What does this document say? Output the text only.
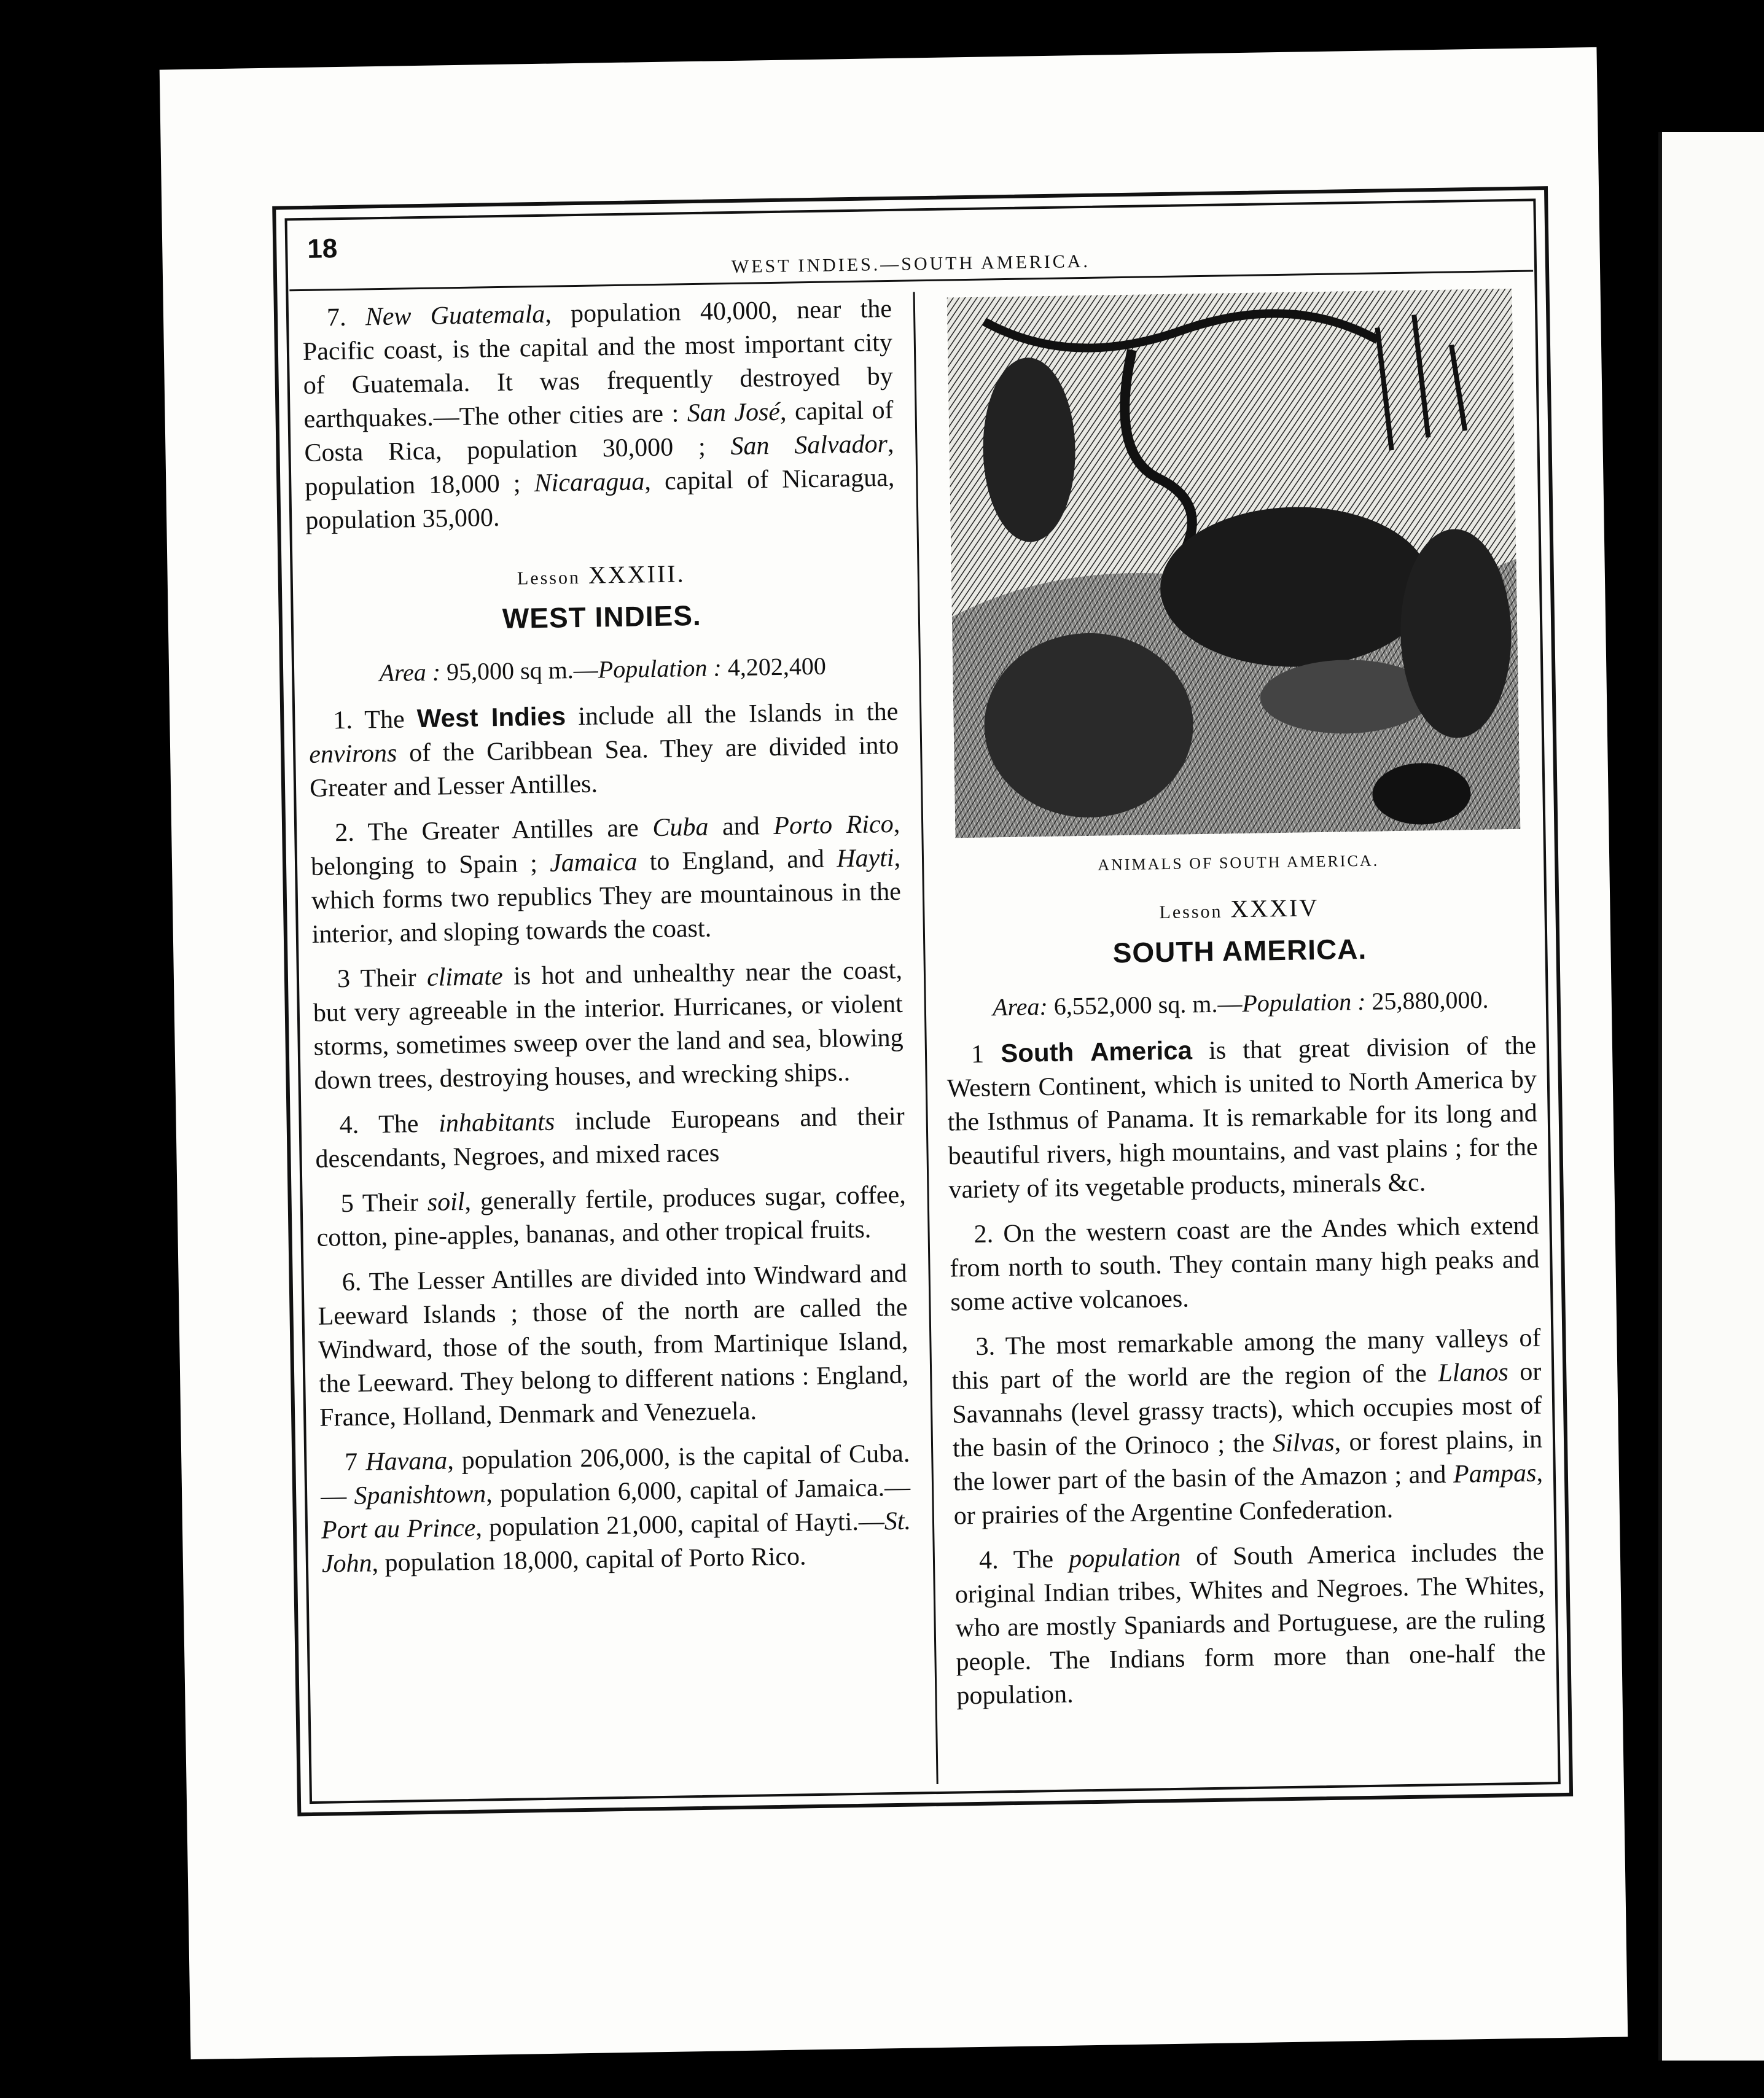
18
WEST INDIES.—SOUTH AMERICA.

7. New Guatemala, population 40,000, near the Pacific coast, is the capital and the most important city of Guatemala. It was frequently destroyed by earthquakes.—The other cities are : San José, capital of Costa Rica, population 30,000 ; San Salvador, population 18,000 ; Nicaragua, capital of Nicaragua, population 35,000.

Lesson XXXIII.
WEST INDIES.
Area : 95,000 sq m.—Population : 4,202,400

1. The West Indies include all the Islands in the environs of the Caribbean Sea. They are divided into Greater and Lesser Antilles.

2. The Greater Antilles are Cuba and Porto Rico, belonging to Spain ; Jamaica to England, and Hayti, which forms two republics They are mountainous in the interior, and sloping towards the coast.

3 Their climate is hot and unhealthy near the coast, but very agreeable in the interior. Hurricanes, or violent storms, sometimes sweep over the land and sea, blowing down trees, destroying houses, and wrecking ships..

4. The inhabitants include Europeans and their descendants, Negroes, and mixed races

5 Their soil, generally fertile, produces sugar, coffee, cotton, pine-apples, bananas, and other tropical fruits.

6. The Lesser Antilles are divided into Windward and Leeward Islands ; those of the north are called the Windward, those of the south, from Martinique Island, the Leeward. They belong to different nations : England, France, Holland, Denmark and Venezuela.

7 Havana, population 206,000, is the capital of Cuba.— Spanishtown, population 6,000, capital of Jamaica.—Port au Prince, population 21,000, capital of Hayti.—St. John, population 18,000, capital of Porto Rico.

ANIMALS OF SOUTH AMERICA.
Lesson XXXIV
SOUTH AMERICA.
Area: 6,552,000 sq. m.—Population : 25,880,000.

1 South America is that great division of the Western Continent, which is united to North America by the Isthmus of Panama. It is remarkable for its long and beautiful rivers, high mountains, and vast plains ; for the variety of its vegetable products, minerals &c.

2. On the western coast are the Andes which extend from north to south. They contain many high peaks and some active volcanoes.

3. The most remarkable among the many valleys of this part of the world are the region of the Llanos or Savannahs (level grassy tracts), which occupies most of the basin of the Orinoco ; the Silvas, or forest plains, in the lower part of the basin of the Amazon ; and Pampas, or prairies of the Argentine Confederation.

4. The population of South America includes the original Indian tribes, Whites and Negroes. The Whites, who are mostly Spaniards and Portuguese, are the ruling people. The Indians form more than one-half the population.
